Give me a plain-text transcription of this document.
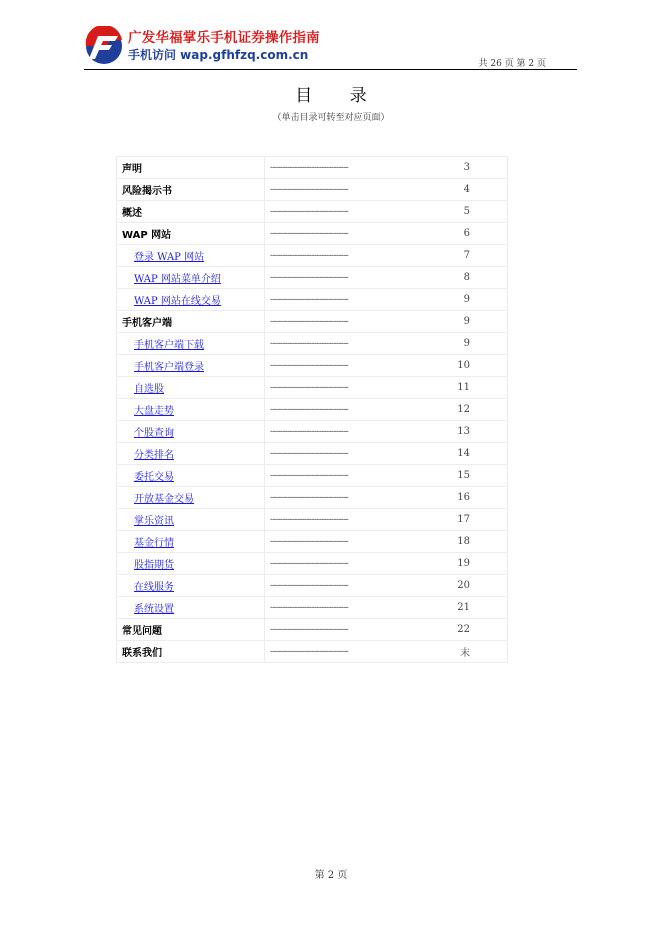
广发华福掌乐手机证券操作指南
手机访问 wap.gfhfzq.com.cn
共 26 页 第 2 页
目 录
（单击目录可转至对应页面）
声明	-------------------------------- 3
风险揭示书	-------------------------------- 4
概述	-------------------------------- 5
WAP 网站	-------------------------------- 6
登录 WAP 网站	-------------------------------- 7
WAP 网站菜单介绍	-------------------------------- 8
WAP 网站在线交易	-------------------------------- 9
手机客户端	-------------------------------- 9
手机客户端下载	-------------------------------- 9
手机客户端登录	-------------------------------- 10
自选股	-------------------------------- 11
大盘走势	-------------------------------- 12
个股查询	-------------------------------- 13
分类排名	-------------------------------- 14
委托交易	-------------------------------- 15
开放基金交易	-------------------------------- 16
掌乐资讯	-------------------------------- 17
基金行情	-------------------------------- 18
股指期货	-------------------------------- 19
在线服务	-------------------------------- 20
系统设置	-------------------------------- 21
常见问题	-------------------------------- 22
联系我们	-------------------------------- 末
第 2 页
